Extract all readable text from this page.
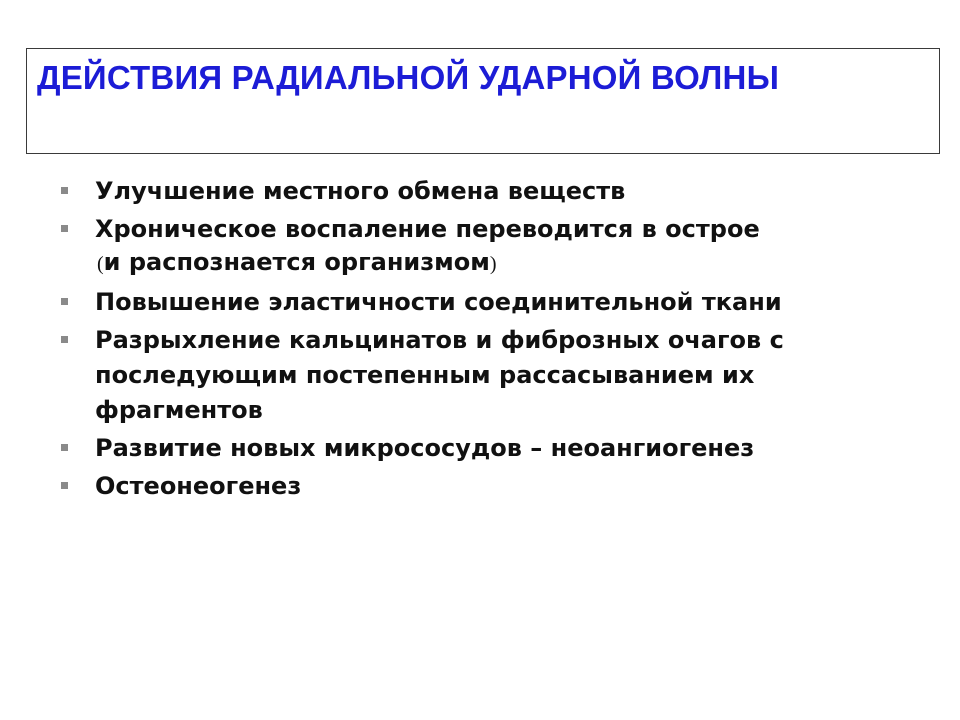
ДЕЙСТВИЯ РАДИАЛЬНОЙ УДАРНОЙ ВОЛНЫ
Улучшение местного обмена веществ
Хроническое воспаление переводится в острое
(и распознается организмом)
Повышение эластичности соединительной ткани
Разрыхление кальцинатов и фиброзных очагов с последующим постепенным рассасыванием их фрагментов
Развитие новых микрососудов – неоангиогенез
Остеонеогенез
